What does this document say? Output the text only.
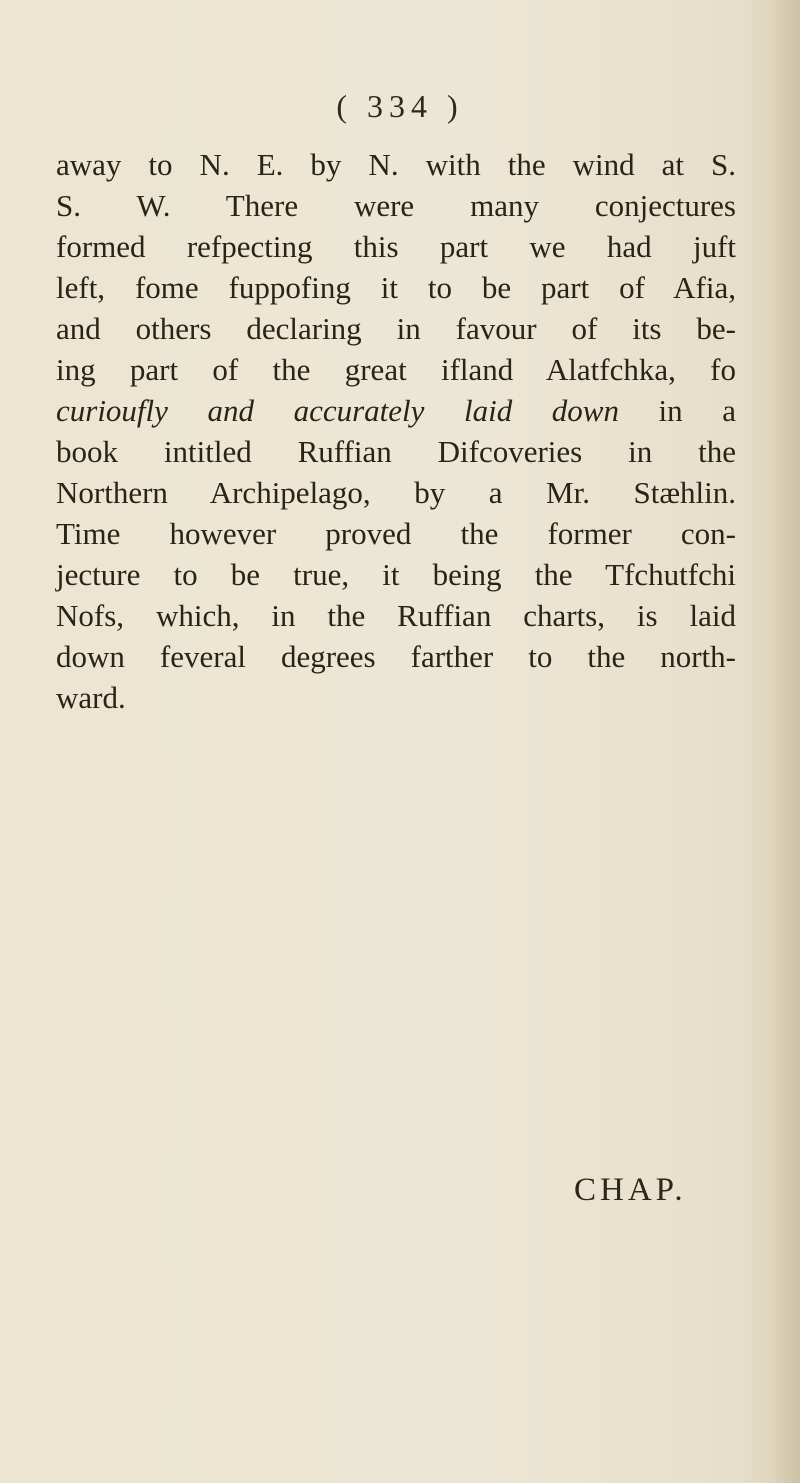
( 334 )
away to N. E. by N. with the wind at S.
S. W. There were many conjectures
formed refpecting this part we had juft
left, fome fuppofing it to be part of Afia,
and others declaring in favour of its be-
ing part of the great ifland Alatfchka, fo
curioufly and accurately laid down in a
book intitled Ruffian Difcoveries in the
Northern Archipelago, by a Mr. Stæhlin.
Time however proved the former con-
jecture to be true, it being the Tfchutfchi
Nofs, which, in the Ruffian charts, is laid
down feveral degrees farther to the north-
ward.
CHAP.
